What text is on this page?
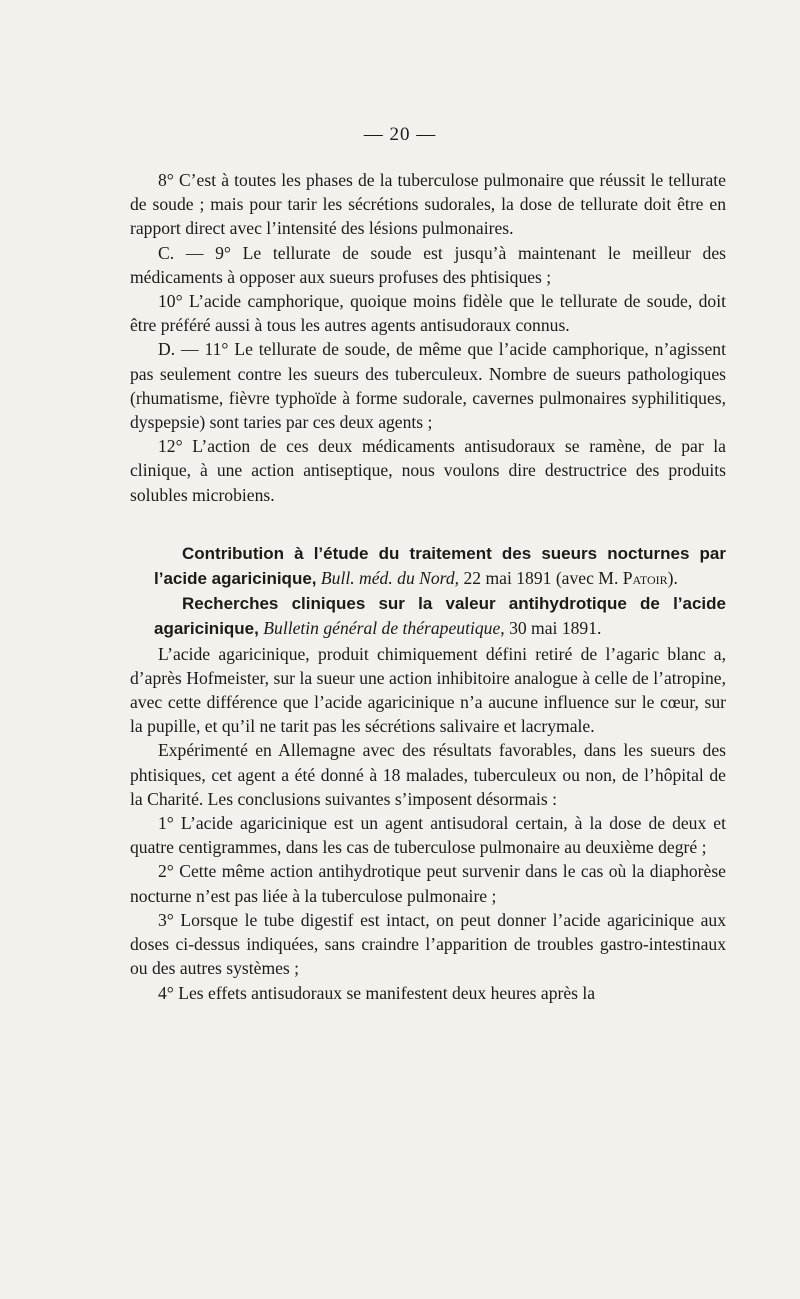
— 20 —

8° C’est à toutes les phases de la tuberculose pulmonaire que réussit le tellurate de soude ; mais pour tarir les sécrétions sudorales, la dose de tellurate doit être en rapport direct avec l’intensité des lésions pulmonaires.

C. — 9° Le tellurate de soude est jusqu’à maintenant le meilleur des médicaments à opposer aux sueurs profuses des phtisiques ;

10° L’acide camphorique, quoique moins fidèle que le tellurate de soude, doit être préféré aussi à tous les autres agents antisudoraux connus.

D. — 11° Le tellurate de soude, de même que l’acide camphorique, n’agissent pas seulement contre les sueurs des tuberculeux. Nombre de sueurs pathologiques (rhumatisme, fièvre typhoïde à forme sudorale, cavernes pulmonaires syphilitiques, dyspepsie) sont taries par ces deux agents ;

12° L’action de ces deux médicaments antisudoraux se ramène, de par la clinique, à une action antiseptique, nous voulons dire destructrice des produits solubles microbiens.

Contribution à l’étude du traitement des sueurs nocturnes par l’acide agaricinique, Bull. méd. du Nord, 22 mai 1891 (avec M. Patoir).

Recherches cliniques sur la valeur antihydrotique de l’acide agaricinique, Bulletin général de thérapeutique, 30 mai 1891.

L’acide agaricinique, produit chimiquement défini retiré de l’agaric blanc a, d’après Hofmeister, sur la sueur une action inhibitoire analogue à celle de l’atropine, avec cette différence que l’acide agaricinique n’a aucune influence sur le cœur, sur la pupille, et qu’il ne tarit pas les sécrétions salivaire et lacrymale.

Expérimenté en Allemagne avec des résultats favorables, dans les sueurs des phtisiques, cet agent a été donné à 18 malades, tuberculeux ou non, de l’hôpital de la Charité. Les conclusions suivantes s’imposent désormais :

1° L’acide agaricinique est un agent antisudoral certain, à la dose de deux et quatre centigrammes, dans les cas de tuberculose pulmonaire au deuxième degré ;

2° Cette même action antihydrotique peut survenir dans le cas où la diaphorèse nocturne n’est pas liée à la tuberculose pulmonaire ;

3° Lorsque le tube digestif est intact, on peut donner l’acide agaricinique aux doses ci-dessus indiquées, sans craindre l’apparition de troubles gastro-intestinaux ou des autres systèmes ;

4° Les effets antisudoraux se manifestent deux heures après la
